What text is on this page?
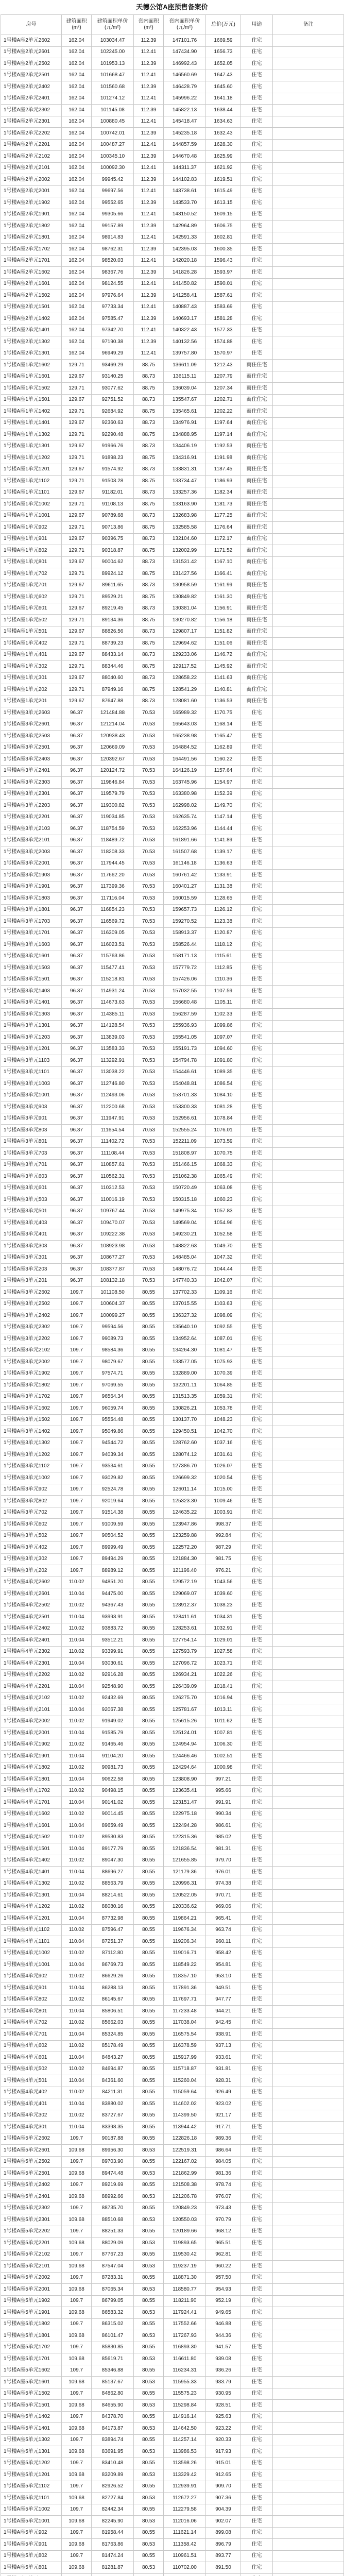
天德公馆A座预售备案价
房号	建筑面积(m²)	建筑面积单价(元/m²)	套内面积(m²)	套内面积单价(元/m²)	总价(万元)	用途	备注
1号楼A座2单元2602	162.04	103034.47	112.39	147101.76	1669.59	住宅	
1号楼A座2单元2601	162.04	102245.00	112.41	147434.90	1656.73	住宅	
1号楼A座2单元2502	162.04	101953.13	112.39	146992.43	1652.05	住宅	
1号楼A座2单元2501	162.04	101668.47	112.41	146560.69	1647.43	住宅	
1号楼A座2单元2402	162.04	101560.68	112.39	146428.79	1645.60	住宅	
1号楼A座2单元2401	162.04	101274.12	112.41	145996.22	1641.18	住宅	
1号楼A座2单元2302	162.04	101145.08	112.39	145822.13	1638.44	住宅	
1号楼A座2单元2301	162.04	100880.45	112.41	145418.47	1634.63	住宅	
1号楼A座2单元2202	162.04	100742.01	112.39	145235.18	1632.43	住宅	
1号楼A座2单元2201	162.04	100487.27	112.41	144857.59	1628.30	住宅	
1号楼A座2单元2102	162.04	100345.10	112.39	144670.48	1625.99	住宅	
1号楼A座2单元2101	162.04	100092.30	112.41	144311.37	1621.92	住宅	
1号楼A座2单元2002	162.04	99945.42	112.39	144102.83	1619.51	住宅	
1号楼A座2单元2001	162.04	99697.56	112.41	143738.61	1615.49	住宅	
1号楼A座2单元1902	162.04	99552.65	112.39	143533.70	1613.15	住宅	
1号楼A座2单元1901	162.04	99305.66	112.41	143150.52	1609.15	住宅	
1号楼A座2单元1802	162.04	99157.89	112.39	142964.89	1606.75	住宅	
1号楼A座2单元1801	162.04	98914.83	112.41	142591.33	1602.81	住宅	
1号楼A座2单元1702	162.04	98762.31	112.39	142395.03	1600.35	住宅	
1号楼A座2单元1701	162.04	98520.03	112.41	142020.18	1596.43	住宅	
1号楼A座2单元1602	162.04	98367.76	112.39	141826.28	1593.97	住宅	
1号楼A座2单元1601	162.04	98124.55	112.41	141450.82	1590.01	住宅	
1号楼A座2单元1502	162.04	97976.64	112.39	141258.41	1587.61	住宅	
1号楼A座2单元1501	162.04	97733.34	112.41	140887.43	1583.69	住宅	
1号楼A座2单元1402	162.04	97585.47	112.39	140693.17	1581.28	住宅	
1号楼A座2单元1401	162.04	97342.70	112.41	140322.43	1577.33	住宅	
1号楼A座2单元1302	162.04	97190.38	112.39	140132.56	1574.88	住宅	
1号楼A座2单元1301	162.04	96949.29	112.41	139757.80	1570.97	住宅	
1号楼A座1单元1602	129.71	93469.29	88.75	136611.09	1212.43	商住住宅	
1号楼A座1单元1601	129.67	93140.25	88.73	136115.11	1207.79	商住住宅	
1号楼A座1单元1502	129.71	93077.62	88.75	136039.04	1207.34	商住住宅	
1号楼A座1单元1501	129.67	92751.52	88.73	135547.67	1202.71	商住住宅	
1号楼A座1单元1402	129.71	92684.92	88.75	135465.61	1202.22	商住住宅	
1号楼A座1单元1401	129.67	92360.63	88.73	134976.91	1197.64	商住住宅	
1号楼A座1单元1302	129.71	92290.48	88.75	134888.95	1197.14	商住住宅	
1号楼A座1单元1301	129.67	91966.76	88.73	134406.19	1192.53	商住住宅	
1号楼A座1单元1202	129.71	91898.23	88.75	134316.91	1191.98	商住住宅	
1号楼A座1单元1201	129.67	91574.92	88.73	133831.31	1187.45	商住住宅	
1号楼A座1单元1102	129.71	91503.28	88.75	133734.47	1186.93	商住住宅	
1号楼A座1单元1101	129.67	91182.01	88.73	133257.36	1182.34	商住住宅	
1号楼A座1单元1002	129.71	91108.13	88.75	133163.90	1181.73	商住住宅	
1号楼A座1单元1001	129.67	90789.68	88.73	132683.98	1177.25	商住住宅	
1号楼A座1单元902	129.71	90713.86	88.75	132585.58	1176.64	商住住宅	
1号楼A座1单元901	129.67	90396.75	88.73	132104.60	1172.17	商住住宅	
1号楼A座1单元802	129.71	90318.87	88.75	132002.99	1171.52	商住住宅	
1号楼A座1单元801	129.67	90004.62	88.73	131531.42	1167.10	商住住宅	
1号楼A座1单元702	129.71	89924.12	88.75	131427.56	1166.41	商住住宅	
1号楼A座1单元701	129.67	89611.65	88.73	130958.59	1161.99	商住住宅	
1号楼A座1单元602	129.71	89529.21	88.75	130849.82	1161.30	商住住宅	
1号楼A座1单元601	129.67	89219.45	88.73	130381.04	1156.91	商住住宅	
1号楼A座1单元502	129.71	89134.36	88.75	130270.82	1156.18	商住住宅	
1号楼A座1单元501	129.67	88826.56	88.73	129807.17	1151.82	商住住宅	
1号楼A座1单元402	129.71	88739.23	88.75	129694.62	1151.06	商住住宅	
1号楼A座1单元401	129.67	88433.14	88.73	129233.06	1146.72	商住住宅	
1号楼A座1单元302	129.71	88344.46	88.75	129117.52	1145.92	商住住宅	
1号楼A座1单元301	129.67	88040.60	88.73	128658.22	1141.63	商住住宅	
1号楼A座1单元202	129.71	87949.16	88.75	128541.29	1140.81	商住住宅	
1号楼A座1单元201	129.67	87647.88	88.73	128081.60	1136.53	商住住宅	
1号楼A座3单元2603	96.37	121484.88	70.53	165989.32	1170.75	住宅	
1号楼A座3单元2601	96.37	121214.04	70.53	165643.03	1168.14	住宅	
1号楼A座3单元2503	96.37	120938.43	70.53	165238.98	1165.47	住宅	
1号楼A座3单元2501	96.37	120669.09	70.53	164884.52	1162.89	住宅	
1号楼A座3单元2403	96.37	120392.67	70.53	164491.56	1160.22	住宅	
1号楼A座3单元2401	96.37	120124.72	70.53	164126.19	1157.64	住宅	
1号楼A座3单元2303	96.37	119846.84	70.53	163745.96	1154.97	住宅	
1号楼A座3单元2301	96.37	119579.79	70.53	163380.98	1152.39	住宅	
1号楼A座3单元2203	96.37	119300.82	70.53	162998.02	1149.70	住宅	
1号楼A座3单元2201	96.37	119034.85	70.53	162635.74	1147.14	住宅	
1号楼A座3单元2103	96.37	118754.59	70.53	162253.96	1144.44	住宅	
1号楼A座3单元2101	96.37	118489.72	70.53	161891.66	1141.89	住宅	
1号楼A座3单元2003	96.37	118208.33	70.53	161507.68	1139.17	住宅	
1号楼A座3单元2001	96.37	117944.45	70.53	161146.18	1136.63	住宅	
1号楼A座3单元1903	96.37	117662.20	70.53	160761.42	1133.91	住宅	
1号楼A座3单元1901	96.37	117399.36	70.53	160401.27	1131.38	住宅	
1号楼A座3单元1803	96.37	117116.04	70.53	160015.59	1128.65	住宅	
1号楼A座3单元1801	96.37	116854.23	70.53	159657.73	1126.12	住宅	
1号楼A座3单元1703	96.37	116569.72	70.53	159270.52	1123.38	住宅	
1号楼A座3单元1701	96.37	116309.05	70.53	158913.37	1120.87	住宅	
1号楼A座3单元1603	96.37	116023.51	70.53	158526.44	1118.12	住宅	
1号楼A座3单元1601	96.37	115763.86	70.53	158171.13	1115.61	住宅	
1号楼A座3单元1503	96.37	115477.41	70.53	157779.72	1112.85	住宅	
1号楼A座3单元1501	96.37	115218.81	70.53	157426.06	1110.36	住宅	
1号楼A座3单元1403	96.37	114931.24	70.53	157032.55	1107.59	住宅	
1号楼A座3单元1401	96.37	114673.63	70.53	156680.48	1105.11	住宅	
1号楼A座3单元1303	96.37	114385.11	70.53	156287.59	1102.33	住宅	
1号楼A座3单元1301	96.37	114128.54	70.53	155936.93	1099.86	住宅	
1号楼A座3单元1203	96.37	113839.03	70.53	155541.05	1097.07	住宅	
1号楼A座3单元1201	96.37	113583.33	70.53	155191.73	1094.60	住宅	
1号楼A座3单元1103	96.37	113292.91	70.53	154794.78	1091.80	住宅	
1号楼A座3单元1101	96.37	113038.22	70.53	154446.61	1089.35	住宅	
1号楼A座3单元1003	96.37	112746.80	70.53	154048.81	1086.54	住宅	
1号楼A座3单元1001	96.37	112493.06	70.53	153701.33	1084.10	住宅	
1号楼A座3单元903	96.37	112200.68	70.53	153300.33	1081.28	住宅	
1号楼A座3单元901	96.37	111947.91	70.53	152956.61	1078.84	住宅	
1号楼A座3单元803	96.37	111654.54	70.53	152555.24	1076.01	住宅	
1号楼A座3单元801	96.37	111402.72	70.53	152211.09	1073.59	住宅	
1号楼A座3单元703	96.37	111108.44	70.53	151808.97	1070.75	住宅	
1号楼A座3单元701	96.37	110857.61	70.53	151466.15	1068.33	住宅	
1号楼A座3单元603	96.37	110562.31	70.53	151062.38	1065.49	住宅	
1号楼A座3单元601	96.37	110312.53	70.53	150720.49	1063.08	住宅	
1号楼A座3单元503	96.37	110016.19	70.53	150315.18	1060.23	住宅	
1号楼A座3单元501	96.37	109767.44	70.53	149975.34	1057.83	住宅	
1号楼A座3单元403	96.37	109470.07	70.53	149569.04	1054.96	住宅	
1号楼A座3单元401	96.37	109222.38	70.53	149230.21	1052.58	住宅	
1号楼A座3单元303	96.37	108923.98	70.53	148822.63	1049.70	住宅	
1号楼A座3单元301	96.37	108677.27	70.53	148485.04	1047.32	住宅	
1号楼A座3单元203	96.37	108377.87	70.53	148076.72	1044.44	住宅	
1号楼A座3单元201	96.37	108132.18	70.53	147740.33	1042.07	住宅	
1号楼A座3单元2602	109.7	101108.50	80.55	137702.33	1109.16	住宅	
1号楼A座3单元2502	109.7	100604.37	80.55	137015.55	1103.63	住宅	
1号楼A座3单元2402	109.7	100099.27	80.55	136327.32	1098.09	住宅	
1号楼A座3单元2302	109.7	99594.56	80.55	135640.10	1092.55	住宅	
1号楼A座3单元2202	109.7	99089.73	80.55	134952.64	1087.01	住宅	
1号楼A座3单元2102	109.7	98584.36	80.55	134264.30	1081.47	住宅	
1号楼A座3单元2002	109.7	98079.67	80.55	133577.05	1075.93	住宅	
1号楼A座3单元1902	109.7	97574.71	80.55	132889.00	1070.39	住宅	
1号楼A座3单元1802	109.7	97069.55	80.55	132201.11	1064.85	住宅	
1号楼A座3单元1702	109.7	96564.34	80.55	131513.35	1059.31	住宅	
1号楼A座3单元1602	109.7	96059.74	80.55	130826.21	1053.78	住宅	
1号楼A座3单元1502	109.7	95554.48	80.55	130137.70	1048.23	住宅	
1号楼A座3单元1402	109.7	95049.86	80.55	129450.51	1042.70	住宅	
1号楼A座3单元1302	109.7	94544.72	80.55	128762.60	1037.16	住宅	
1号楼A座3单元1202	109.7	94039.34	80.55	128074.12	1031.61	住宅	
1号楼A座3单元1102	109.7	93534.61	80.55	127386.70	1026.07	住宅	
1号楼A座3单元1002	109.7	93029.82	80.55	126699.32	1020.54	住宅	
1号楼A座3单元902	109.7	92524.78	80.55	126011.14	1015.00	住宅	
1号楼A座3单元802	109.7	92019.64	80.55	125323.30	1009.46	住宅	
1号楼A座3单元702	109.7	91514.38	80.55	124635.22	1003.91	住宅	
1号楼A座3单元602	109.7	91009.59	80.55	123947.86	998.37	住宅	
1号楼A座3单元502	109.7	90504.52	80.55	123259.88	992.84	住宅	
1号楼A座3单元402	109.7	89999.49	80.55	122572.20	987.29	住宅	
1号楼A座3单元302	109.7	89494.29	80.55	121884.30	981.75	住宅	
1号楼A座3单元202	109.7	88989.12	80.55	121196.40	976.21	住宅	
1号楼A座4单元2602	110.02	94851.20	80.55	129572.19	1043.56	住宅	
1号楼A座4单元2601	110.04	94475.00	80.55	129069.07	1039.60	住宅	
1号楼A座4单元2502	110.02	94367.43	80.55	128912.37	1038.23	住宅	
1号楼A座4单元2501	110.04	93993.91	80.55	128411.61	1034.31	住宅	
1号楼A座4单元2402	110.02	93883.72	80.55	128253.61	1032.91	住宅	
1号楼A座4单元2401	110.04	93512.21	80.55	127754.14	1029.01	住宅	
1号楼A座4单元2302	110.02	93399.91	80.55	127593.79	1027.58	住宅	
1号楼A座4单元2301	110.04	93030.61	80.55	127096.72	1023.71	住宅	
1号楼A座4单元2202	110.02	92916.28	80.55	126934.21	1022.26	住宅	
1号楼A座4单元2201	110.04	92548.90	80.55	126439.09	1018.41	住宅	
1号楼A座4单元2102	110.02	92432.69	80.55	126275.70	1016.94	住宅	
1号楼A座4单元2101	110.04	92067.38	80.55	125781.67	1013.11	住宅	
1号楼A座4单元2002	110.02	91949.02	80.55	125615.26	1011.62	住宅	
1号楼A座4单元2001	110.04	91585.79	80.55	125124.01	1007.81	住宅	
1号楼A座4单元1902	110.02	91465.46	80.55	124954.94	1006.30	住宅	
1号楼A座4单元1901	110.04	91104.20	80.55	124466.46	1002.51	住宅	
1号楼A座4单元1802	110.02	90981.73	80.55	124294.64	1000.98	住宅	
1号楼A座4单元1801	110.04	90622.58	80.55	123808.90	997.21	住宅	
1号楼A座4单元1702	110.02	90498.15	80.55	123635.41	995.66	住宅	
1号楼A座4单元1701	110.04	90141.02	80.55	123151.47	991.91	住宅	
1号楼A座4单元1602	110.02	90014.45	80.55	122975.18	990.34	住宅	
1号楼A座4单元1601	110.04	89659.49	80.55	122494.28	986.61	住宅	
1号楼A座4单元1502	110.02	89530.83	80.55	122315.36	985.02	住宅	
1号楼A座4单元1501	110.04	89177.79	80.55	121836.54	981.31	住宅	
1号楼A座4单元1402	110.02	89047.30	80.55	121655.85	979.70	住宅	
1号楼A座4单元1401	110.04	88696.27	80.55	121179.36	976.01	住宅	
1号楼A座4单元1302	110.02	88563.79	80.55	120996.31	974.38	住宅	
1号楼A座4单元1301	110.04	88214.61	80.55	120522.05	970.71	住宅	
1号楼A座4单元1202	110.02	88080.16	80.55	120336.62	969.06	住宅	
1号楼A座4单元1201	110.04	87732.98	80.55	119864.21	965.41	住宅	
1号楼A座4单元1102	110.02	87596.47	80.55	119676.34	963.74	住宅	
1号楼A座4单元1101	110.04	87251.37	80.55	119206.34	960.11	住宅	
1号楼A座4单元1002	110.02	87112.80	80.55	119016.71	958.42	住宅	
1号楼A座4单元1001	110.04	86769.73	80.55	118549.22	954.81	住宅	
1号楼A座4单元902	110.02	86629.26	80.55	118357.10	953.10	住宅	
1号楼A座4单元901	110.04	86288.13	80.55	117891.36	949.51	住宅	
1号楼A座4单元802	110.02	86145.67	80.55	117697.71	947.77	住宅	
1号楼A座4单元801	110.04	85806.51	80.55	117233.48	944.21	住宅	
1号楼A座4单元702	110.02	85662.03	80.55	117038.04	942.45	住宅	
1号楼A座4单元701	110.04	85324.85	80.55	116575.54	938.91	住宅	
1号楼A座4单元602	110.02	85178.49	80.55	116378.59	937.13	住宅	
1号楼A座4单元601	110.04	84843.27	80.55	115917.99	933.61	住宅	
1号楼A座4单元502	110.02	84694.87	80.55	115718.87	931.81	住宅	
1号楼A座4单元501	110.04	84361.60	80.55	115260.04	928.31	住宅	
1号楼A座4单元402	110.02	84211.31	80.55	115059.64	926.49	住宅	
1号楼A座4单元401	110.04	83880.02	80.55	114602.02	923.02	住宅	
1号楼A座4单元302	110.02	83727.67	80.55	114399.50	921.17	住宅	
1号楼A座4单元301	110.04	83398.35	80.55	113944.42	917.71	住宅	
1号楼A座5单元2602	109.7	90187.88	80.55	122826.18	989.36	住宅	
1号楼A座5单元2601	109.68	89956.30	80.53	122519.31	986.64	住宅	
1号楼A座5单元2502	109.7	89703.90	80.55	122167.02	984.05	住宅	
1号楼A座5单元2501	109.68	89474.48	80.53	121862.99	981.36	住宅	
1号楼A座5单元2402	109.7	89219.69	80.55	121508.38	978.74	住宅	
1号楼A座5单元2401	109.68	88992.66	80.53	121206.78	976.07	住宅	
1号楼A座5单元2302	109.7	88735.70	80.55	120849.23	973.43	住宅	
1号楼A座5单元2301	109.68	88510.68	80.53	120550.03	970.79	住宅	
1号楼A座5单元2202	109.7	88251.33	80.55	120189.66	968.12	住宅	
1号楼A座5单元2201	109.68	88029.09	80.53	119893.65	965.51	住宅	
1号楼A座5单元2102	109.7	87767.23	80.55	119530.42	962.81	住宅	
1号楼A座5单元2101	109.68	87547.04	80.53	119237.19	960.22	住宅	
1号楼A座5单元2002	109.7	87283.31	80.55	118871.30	957.50	住宅	
1号楼A座5单元2001	109.68	87065.34	80.53	118580.77	954.93	住宅	
1号楼A座5单元1902	109.7	86799.05	80.55	118211.90	952.19	住宅	
1号楼A座5单元1901	109.68	86583.32	80.53	117924.41	949.65	住宅	
1号楼A座5单元1802	109.7	86315.02	80.55	117552.66	946.88	住宅	
1号楼A座5单元1801	109.68	86101.47	80.53	117267.93	944.36	住宅	
1号楼A座5单元1702	109.7	85830.85	80.55	116893.30	941.57	住宅	
1号楼A座5单元1701	109.68	85619.71	80.53	116611.80	939.08	住宅	
1号楼A座5单元1602	109.7	85346.88	80.55	116234.31	936.26	住宅	
1号楼A座5单元1601	109.68	85137.67	80.53	115955.33	933.79	住宅	
1号楼A座5单元1502	109.7	84862.80	80.55	115575.23	930.95	住宅	
1号楼A座5单元1501	109.68	84655.90	80.53	115298.84	928.51	住宅	
1号楼A座5单元1402	109.7	84378.70	80.55	114916.14	925.63	住宅	
1号楼A座5单元1401	109.68	84173.87	80.53	114642.50	923.22	住宅	
1号楼A座5单元1302	109.7	83894.74	80.55	114257.14	920.33	住宅	
1号楼A座5单元1301	109.68	83691.95	80.53	113986.53	917.93	住宅	
1号楼A座5单元1202	109.7	83410.48	80.55	113598.26	915.01	住宅	
1号楼A座5单元1201	109.68	83209.89	80.53	113329.42	912.65	住宅	
1号楼A座5单元1102	109.7	82926.52	80.55	112939.91	909.70	住宅	
1号楼A座5单元1101	109.68	82727.84	80.53	112672.27	907.36	住宅	
1号楼A座5单元1002	109.7	82442.34	80.55	112279.58	904.39	住宅	
1号楼A座5单元1001	109.68	82245.90	80.53	112016.06	902.07	住宅	
1号楼A座5单元902	109.7	81958.44	80.55	111621.14	899.08	住宅	
1号楼A座5单元901	109.68	81763.86	80.53	111358.42	896.79	住宅	
1号楼A座5单元802	109.7	81474.24	80.55	110961.51	893.77	住宅	
1号楼A座5单元801	109.68	81281.87	80.53	110702.00	891.50	住宅	
